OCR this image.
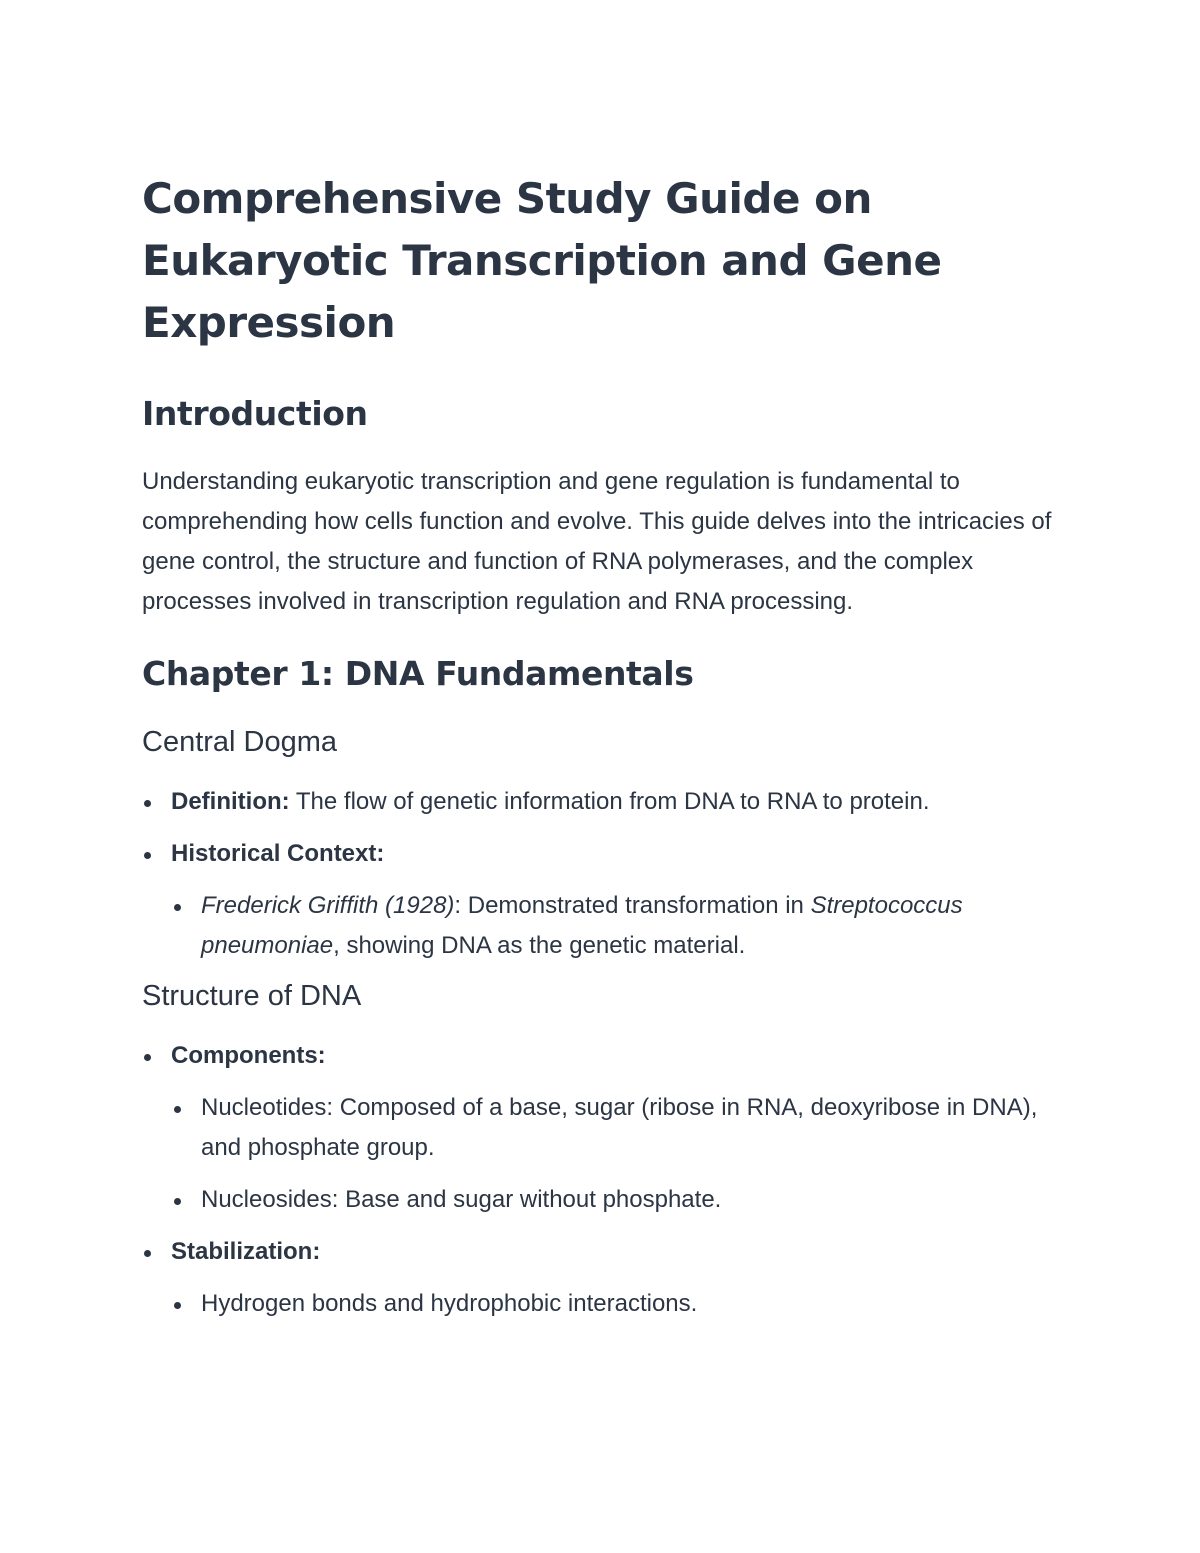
Comprehensive Study Guide on Eukaryotic Transcription and Gene Expression
Introduction

Understanding eukaryotic transcription and gene regulation is fundamental to comprehending how cells function and evolve. This guide delves into the intricacies of gene control, the structure and function of RNA polymerases, and the complex processes involved in transcription regulation and RNA processing.

Chapter 1: DNA Fundamentals
Central Dogma
Definition: The flow of genetic information from DNA to RNA to protein.
Historical Context:
Frederick Griffith (1928): Demonstrated transformation in Streptococcus pneumoniae, showing DNA as the genetic material.
Structure of DNA
Components:
Nucleotides: Composed of a base, sugar (ribose in RNA, deoxyribose in DNA), and phosphate group.
Nucleosides: Base and sugar without phosphate.
Stabilization:
Hydrogen bonds and hydrophobic interactions.
